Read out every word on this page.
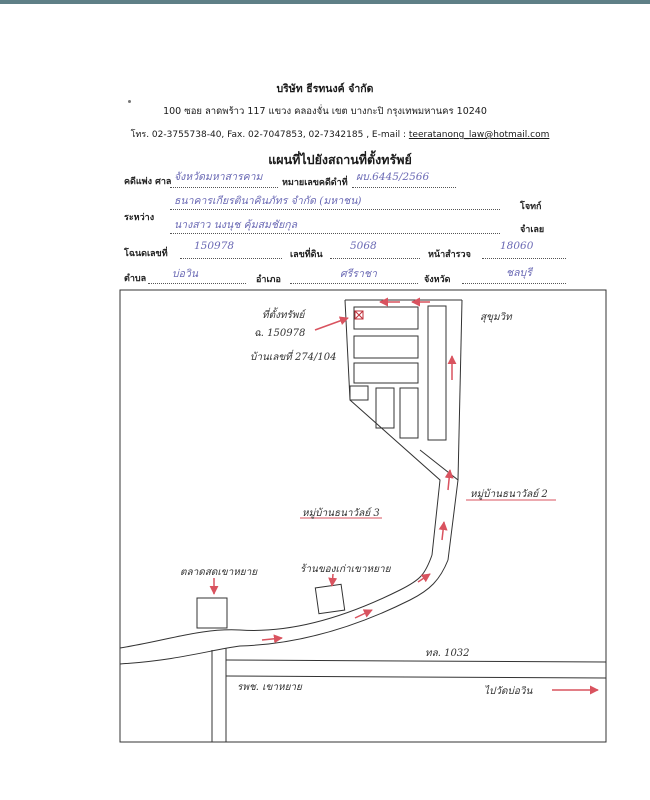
บริษัท ธีรทนงค์ จำกัด
100 ซอย ลาดพร้าว 117 แขวง คลองจั่น เขต บางกะปิ กรุงเทพมหานคร 10240
โทร. 02-3755738-40, Fax. 02-7047853, 02-7342185 , E-mail : teeratanong_law@hotmail.com
แผนที่ไปยังสถานที่ตั้งทรัพย์
คดีแพ่ง ศาล จังหวัดมหาสารคาม หมายเลขคดีดำที่ ผบ.6445/2566
ธนาคารเกียรตินาคินภัทร จำกัด (มหาชน)	โจทก์
ระหว่าง
นางสาว นงนุช คุ้มสมชัยกุล	จำเลย
โฉนดเลขที่
150978
เลขที่ดิน
5068
หน้าสำรวจ
18060
ตำบล บ่อวิน	อำเภอ	ศรีราชา	จังหวัด
ชลบุรี
ที่ตั้งทรัพย์
ฉ. 150978
บ้านเลขที่ 274/104
สุขุมวิท
หมู่บ้านธนาวัลย์ 2
หมู่บ้านธนาวัลย์ 3
ตลาดสดเขาหยาย	ร้านของเก่าเขาหยาย
ทล. 1032
รพช. เขาหยาย	ไปวัดบ่อวิน
